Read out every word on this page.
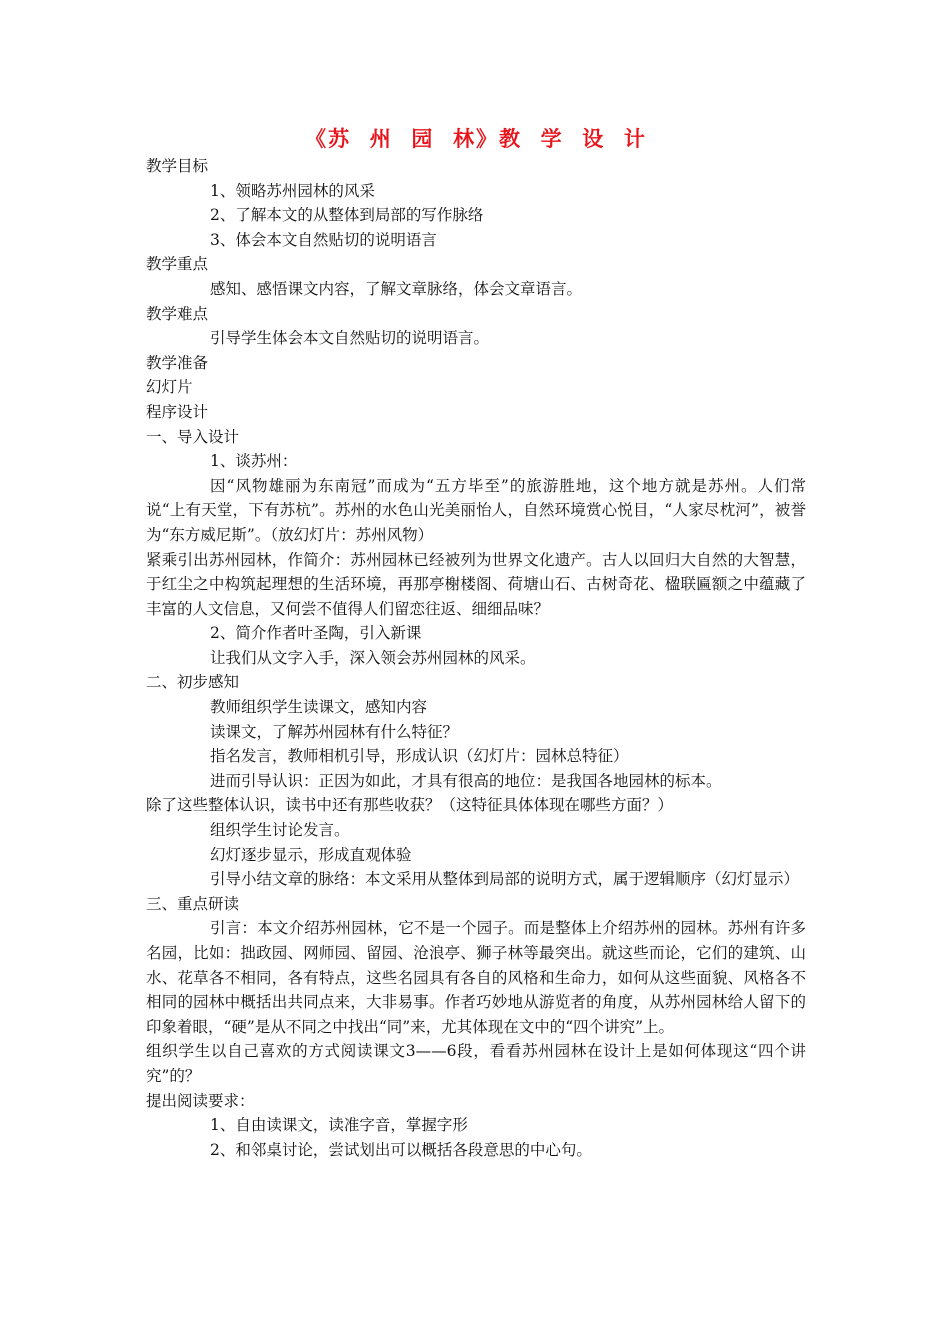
《苏  州  园  林》教  学  设  计
教学目标
1、领略苏州园林的风采
2、了解本文的从整体到局部的写作脉络
3、体会本文自然贴切的说明语言
教学重点
感知、感悟课文内容，了解文章脉络，体会文章语言。
教学难点
引导学生体会本文自然贴切的说明语言。
教学准备
幻灯片
程序设计
一、导入设计
1、谈苏州：
因“风物雄丽为东南冠”而成为“五方毕至”的旅游胜地，这个地方就是苏州。人们常说“上有天堂，下有苏杭”。苏州的水色山光美丽怡人，自然环境赏心悦目，“人家尽枕河”，被誉为“东方威尼斯”。（放幻灯片：苏州风物）
紧乘引出苏州园林，作简介：苏州园林已经被列为世界文化遗产。古人以回归大自然的大智慧，于红尘之中构筑起理想的生活环境，再那亭榭楼阁、荷塘山石、古树奇花、楹联匾额之中蕴藏了丰富的人文信息，又何尝不值得人们留恋往返、细细品味？
2、简介作者叶圣陶，引入新课
让我们从文字入手，深入领会苏州园林的风采。
二、初步感知
教师组织学生读课文，感知内容
读课文，了解苏州园林有什么特征？
指名发言，教师相机引导，形成认识（幻灯片：园林总特征）
进而引导认识：正因为如此，才具有很高的地位：是我国各地园林的标本。
除了这些整体认识，读书中还有那些收获？（这特征具体体现在哪些方面？）
组织学生讨论发言。
幻灯逐步显示，形成直观体验
引导小结文章的脉络：本文采用从整体到局部的说明方式，属于逻辑顺序（幻灯显示）
三、重点研读
引言：本文介绍苏州园林，它不是一个园子。而是整体上介绍苏州的园林。苏州有许多名园，比如：拙政园、网师园、留园、沧浪亭、狮子林等最突出。就这些而论，它们的建筑、山水、花草各不相同，各有特点，这些名园具有各自的风格和生命力，如何从这些面貌、风格各不相同的园林中概括出共同点来，大非易事。作者巧妙地从游览者的角度，从苏州园林给人留下的印象着眼，“硬”是从不同之中找出“同”来，尤其体现在文中的“四个讲究”上。
组织学生以自己喜欢的方式阅读课文3——6段，看看苏州园林在设计上是如何体现这“四个讲究”的？
提出阅读要求：
1、自由读课文，读准字音，掌握字形
2、和邻桌讨论，尝试划出可以概括各段意思的中心句。
